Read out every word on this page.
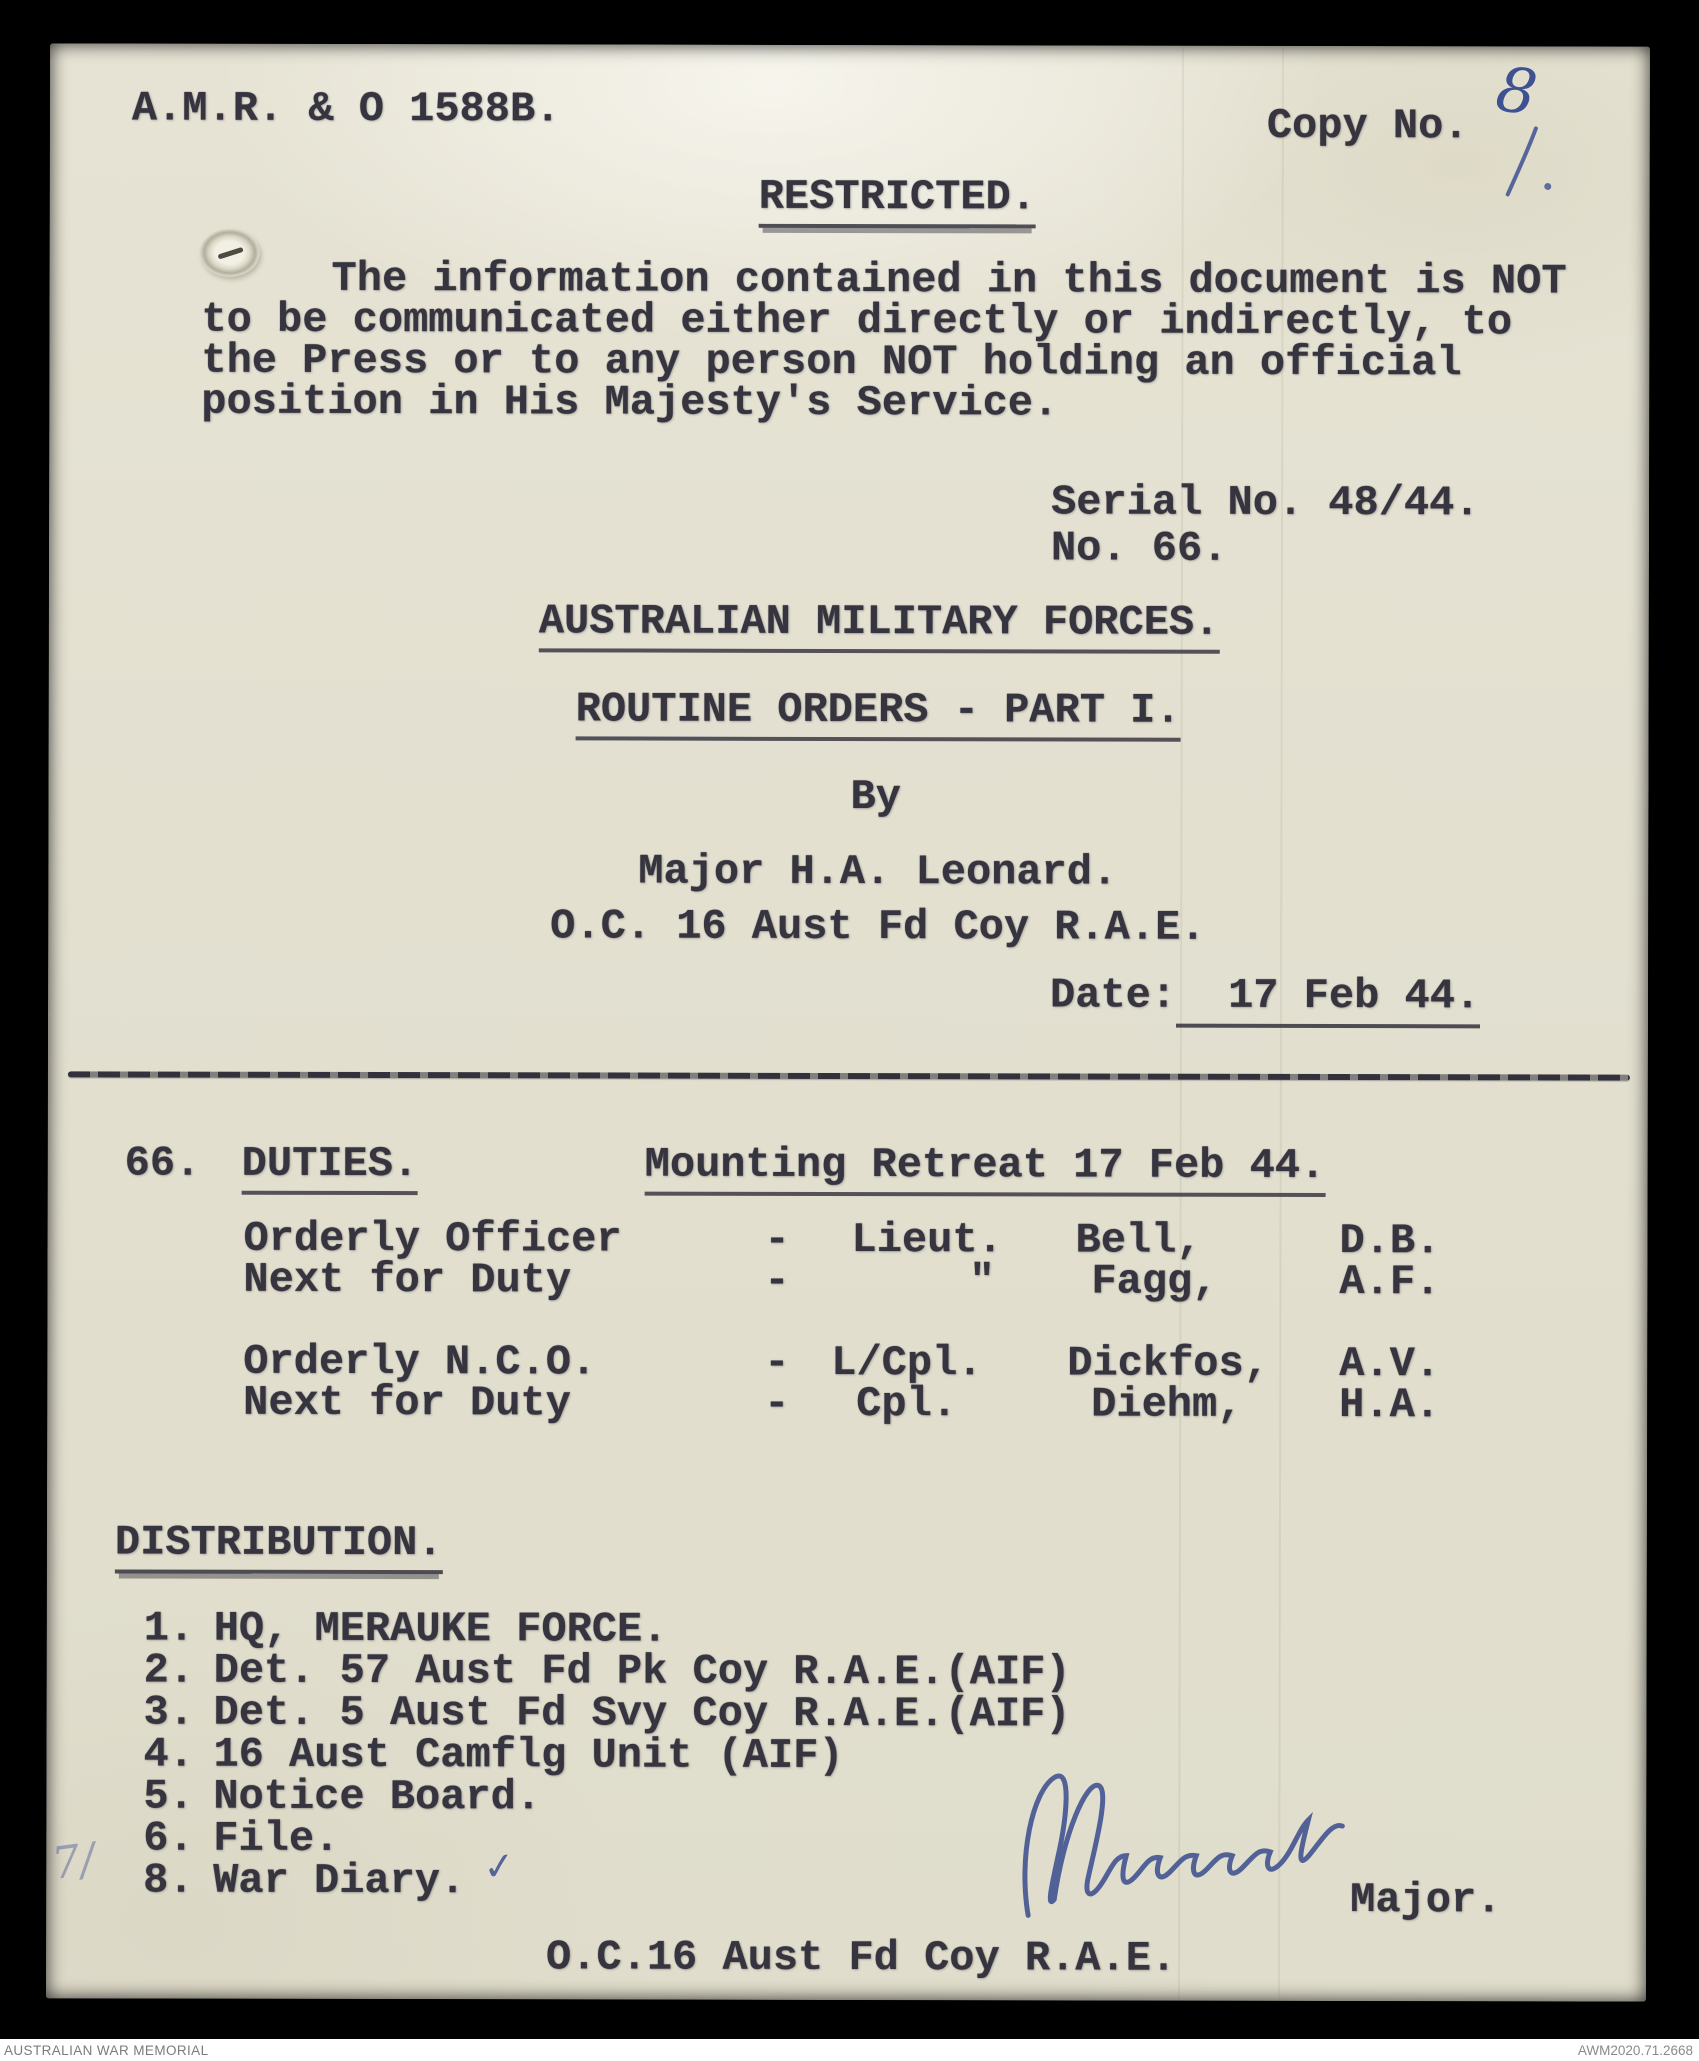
A.M.R. & O 1588B.	Copy No. 8
RESTRICTED.
The information contained in this document is NOT
to be communicated either directly or indirectly, to
the Press or to any person NOT holding an official
position in His Majesty's Service.
Serial No. 48/44.
No. 66.
AUSTRALIAN MILITARY FORCES.
ROUTINE ORDERS - PART I.
By
Major H.A. Leonard.
O.C. 16 Aust Fd Coy R.A.E.
Date: 17 Feb 44.
66. DUTIES.	Mounting Retreat 17 Feb 44.
Orderly Officer	-	Lieut. Bell,	D.B.
Next for Duty	-	"	Fagg,	A.F.
Orderly N.C.O.	- L/Cpl. Dickfos, A.V.
Next for Duty	-	Cpl.	Diehm, H.A.
DISTRIBUTION.
1. HQ, MERAUKE FORCE.
2. Det. 57 Aust Fd Pk Coy R.A.E.(AIF)
3. Det. 5 Aust Fd Svy Coy R.A.E.(AIF)
4. 16 Aust Camflg Unit (AIF)
5. Notice Board.
6. File.
8. War Diary.
7/	✓
Major.
O.C.16 Aust Fd Coy R.A.E.
AUSTRALIAN WAR MEMORIAL	AWM2020.71.2668
